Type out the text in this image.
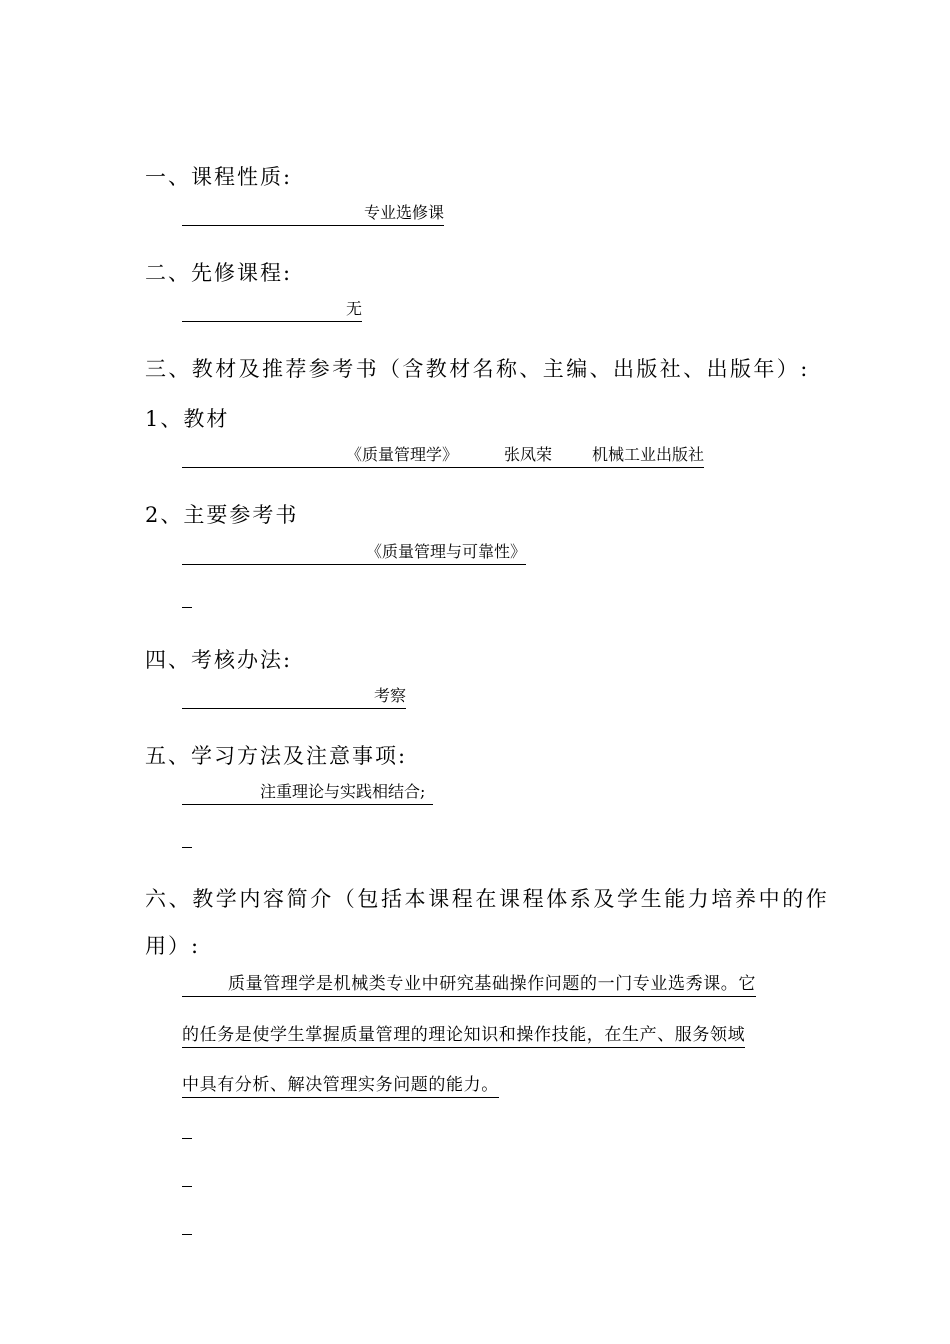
一、课程性质:
专业选修课
二、先修课程:
无
三、教材及推荐参考书（含教材名称、主编、出版社、出版年）:
1、教材
《质量管理学》	张凤荣	机械工业出版社
2、主要参考书
《质量管理与可靠性》
四、考核办法:
考察
五、学习方法及注意事项:
注重理论与实践相结合;
六、教学内容简介（包括本课程在课程体系及学生能力培养中的作
用）:
质量管理学是机械类专业中研究基础操作问题的一门专业选秀课。它
的任务是使学生掌握质量管理的理论知识和操作技能，在生产、服务领域
中具有分析、解决管理实务问题的能力。
